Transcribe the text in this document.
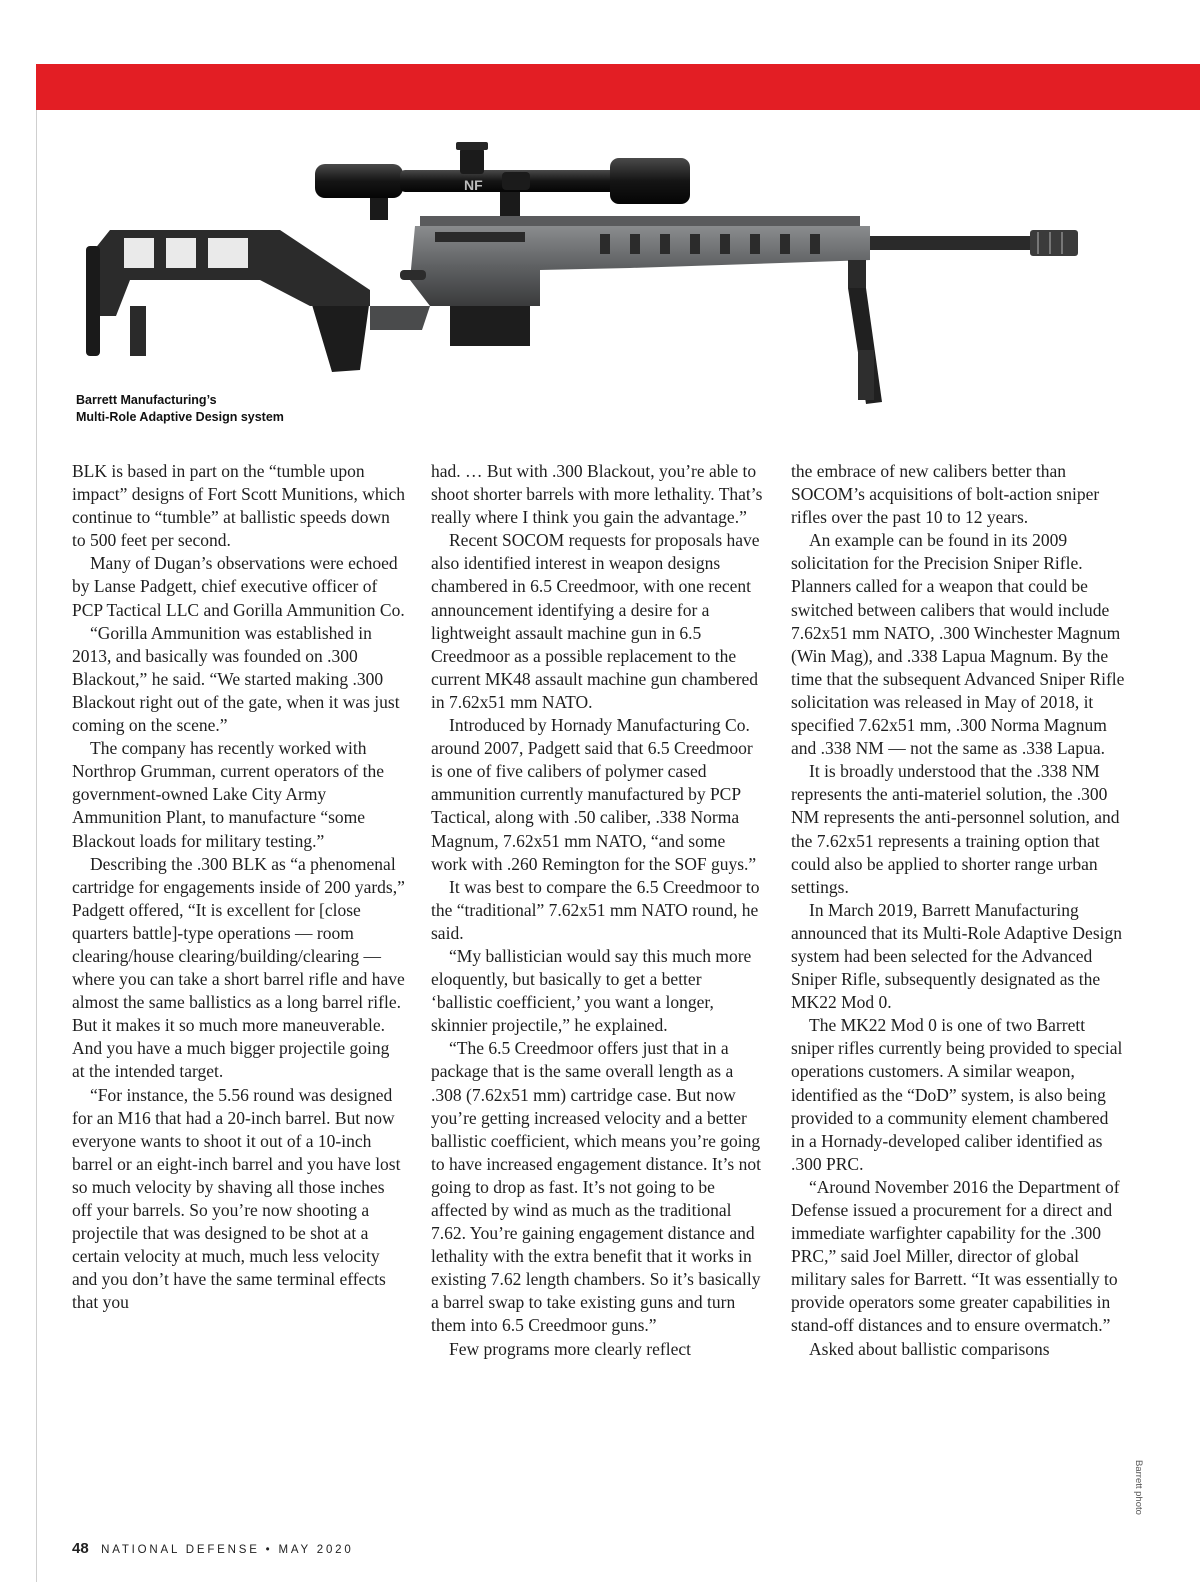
NF
Barrett Manufacturing’s
Multi-Role Adaptive Design system

BLK is based in part on the “tumble upon impact” designs of Fort Scott Munitions, which continue to “tumble” at ballistic speeds down to 500 feet per second.

Many of Dugan’s observations were echoed by Lanse Padgett, chief executive officer of PCP Tactical LLC and Gorilla Ammunition Co.

“Gorilla Ammunition was established in 2013, and basically was founded on .300 Blackout,” he said. “We started making .300 Blackout right out of the gate, when it was just coming on the scene.”

The company has recently worked with Northrop Grumman, current operators of the government-owned Lake City Army Ammunition Plant, to manufacture “some Blackout loads for military testing.”

Describing the .300 BLK as “a phenomenal cartridge for engagements inside of 200 yards,” Padgett offered, “It is excellent for [close quarters battle]-type operations — room clearing/house clearing/building/clearing — where you can take a short barrel rifle and have almost the same ballistics as a long barrel rifle. But it makes it so much more maneuverable. And you have a much bigger projectile going at the intended target.

“For instance, the 5.56 round was designed for an M16 that had a 20-inch barrel. But now everyone wants to shoot it out of a 10-inch barrel or an eight-inch barrel and you have lost so much velocity by shaving all those inches off your barrels. So you’re now shooting a projectile that was designed to be shot at a certain velocity at much, much less velocity and you don’t have the same terminal effects that you

had. … But with .300 Blackout, you’re able to shoot shorter barrels with more lethality. That’s really where I think you gain the advantage.”

Recent SOCOM requests for proposals have also identified interest in weapon designs chambered in 6.5 Creedmoor, with one recent announcement identifying a desire for a lightweight assault machine gun in 6.5 Creedmoor as a possible replacement to the current MK48 assault machine gun chambered in 7.62x51 mm NATO.

Introduced by Hornady Manufacturing Co. around 2007, Padgett said that 6.5 Creedmoor is one of five calibers of polymer cased ammunition currently manufactured by PCP Tactical, along with .50 caliber, .338 Norma Magnum, 7.62x51 mm NATO, “and some work with .260 Remington for the SOF guys.”

It was best to compare the 6.5 Creedmoor to the “traditional” 7.62x51 mm NATO round, he said.

“My ballistician would say this much more eloquently, but basically to get a better ‘ballistic coefficient,’ you want a longer, skinnier projectile,” he explained.

“The 6.5 Creedmoor offers just that in a package that is the same overall length as a .308 (7.62x51 mm) cartridge case. But now you’re getting increased velocity and a better ballistic coefficient, which means you’re going to have increased engagement distance. It’s not going to drop as fast. It’s not going to be affected by wind as much as the traditional 7.62. You’re gaining engagement distance and lethality with the extra benefit that it works in existing 7.62 length chambers. So it’s basically a barrel swap to take existing guns and turn them into 6.5 Creedmoor guns.”

Few programs more clearly reflect

the embrace of new calibers better than SOCOM’s acquisitions of bolt-action sniper rifles over the past 10 to 12 years.

An example can be found in its 2009 solicitation for the Precision Sniper Rifle. Planners called for a weapon that could be switched between calibers that would include 7.62x51 mm NATO, .300 Winchester Magnum (Win Mag), and .338 Lapua Magnum. By the time that the subsequent Advanced Sniper Rifle solicitation was released in May of 2018, it specified 7.62x51 mm, .300 Norma Magnum and .338 NM — not the same as .338 Lapua.

It is broadly understood that the .338 NM represents the anti-materiel solution, the .300 NM represents the anti-personnel solution, and the 7.62x51 represents a training option that could also be applied to shorter range urban settings.

In March 2019, Barrett Manufacturing announced that its Multi-Role Adaptive Design system had been selected for the Advanced Sniper Rifle, subsequently designated as the MK22 Mod 0.

The MK22 Mod 0 is one of two Barrett sniper rifles currently being provided to special operations customers. A similar weapon, identified as the “DoD” system, is also being provided to a community element chambered in a Hornady-developed caliber identified as .300 PRC.

“Around November 2016 the Department of Defense issued a procurement for a direct and immediate warfighter capability for the .300 PRC,” said Joel Miller, director of global military sales for Barrett. “It was essentially to provide operators some greater capabilities in stand-off distances and to ensure overmatch.”

Asked about ballistic comparisons

Barrett photo
48 NATIONAL DEFENSE • MAY 2020
